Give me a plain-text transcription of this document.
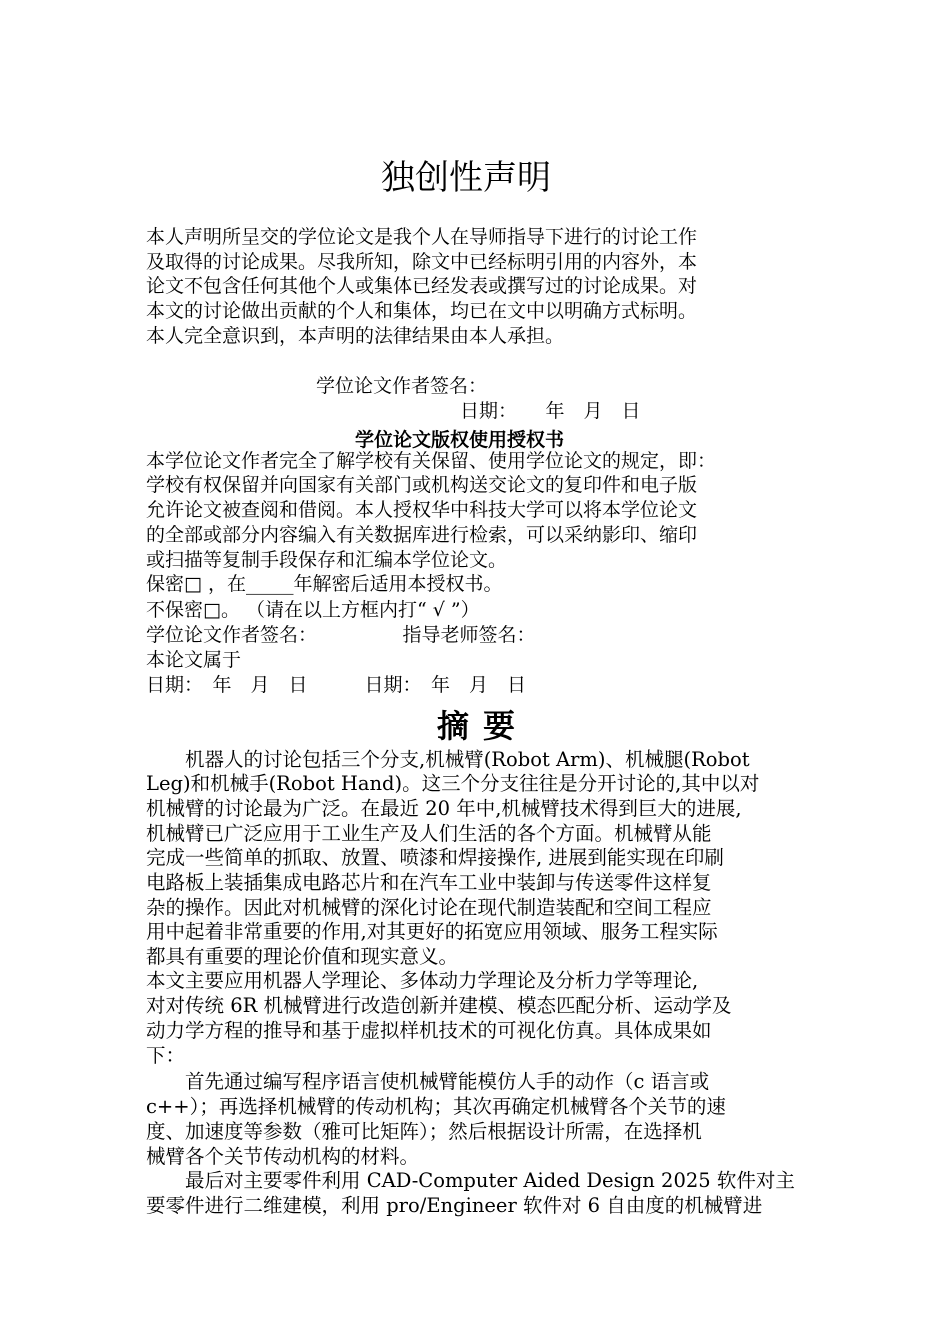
独创性声明
本人声明所呈交的学位论文是我个人在导师指导下进行的讨论工作
及取得的讨论成果。尽我所知，除文中已经标明引用的内容外，本
论文不包含任何其他个人或集体已经发表或撰写过的讨论成果。对
本文的讨论做出贡献的个人和集体，均已在文中以明确方式标明。
本人完全意识到，本声明的法律结果由本人承担。
学位论文作者签名：
日期：　　年　月　日
学位论文版权使用授权书
本学位论文作者完全了解学校有关保留、使用学位论文的规定，即：
学校有权保留并向国家有关部门或机构送交论文的复印件和电子版
允许论文被查阅和借阅。本人授权华中科技大学可以将本学位论文
的全部或部分内容编入有关数据库进行检索，可以采纳影印、缩印
或扫描等复制手段保存和汇编本学位论文。
保密□ ，在_____年解密后适用本授权书。
不保密□。 （请在以上方框内打“ √ ”）
学位论文作者签名：　　　　　指导老师签名：
本论文属于
日期：　年　月　日　　　日期：　年　月　日
摘要
　　机器人的讨论包括三个分支,机械臂(Robot Arm)、机械腿(Robot
Leg)和机械手(Robot Hand)。这三个分支往往是分开讨论的,其中以对
机械臂的讨论最为广泛。在最近 20 年中,机械臂技术得到巨大的进展,
机械臂已广泛应用于工业生产及人们生活的各个方面。机械臂从能
完成一些简单的抓取、放置、喷漆和焊接操作, 进展到能实现在印刷
电路板上装插集成电路芯片和在汽车工业中装卸与传送零件这样复
杂的操作。因此对机械臂的深化讨论在现代制造装配和空间工程应
用中起着非常重要的作用,对其更好的拓宽应用领域、服务工程实际
都具有重要的理论价值和现实意义。
本文主要应用机器人学理论、多体动力学理论及分析力学等理论,
对对传统 6R 机械臂进行改造创新并建模、模态匹配分析、运动学及
动力学方程的推导和基于虚拟样机技术的可视化仿真。具体成果如
下：
　　首先通过编写程序语言使机械臂能模仿人手的动作（c 语言或
c++）；再选择机械臂的传动机构；其次再确定机械臂各个关节的速
度、加速度等参数（雅可比矩阵）；然后根据设计所需，在选择机
械臂各个关节传动机构的材料。
　　最后对主要零件利用 CAD-Computer Aided Design 2025 软件对主
要零件进行二维建模，利用 pro/Engineer 软件对 6 自由度的机械臂进
